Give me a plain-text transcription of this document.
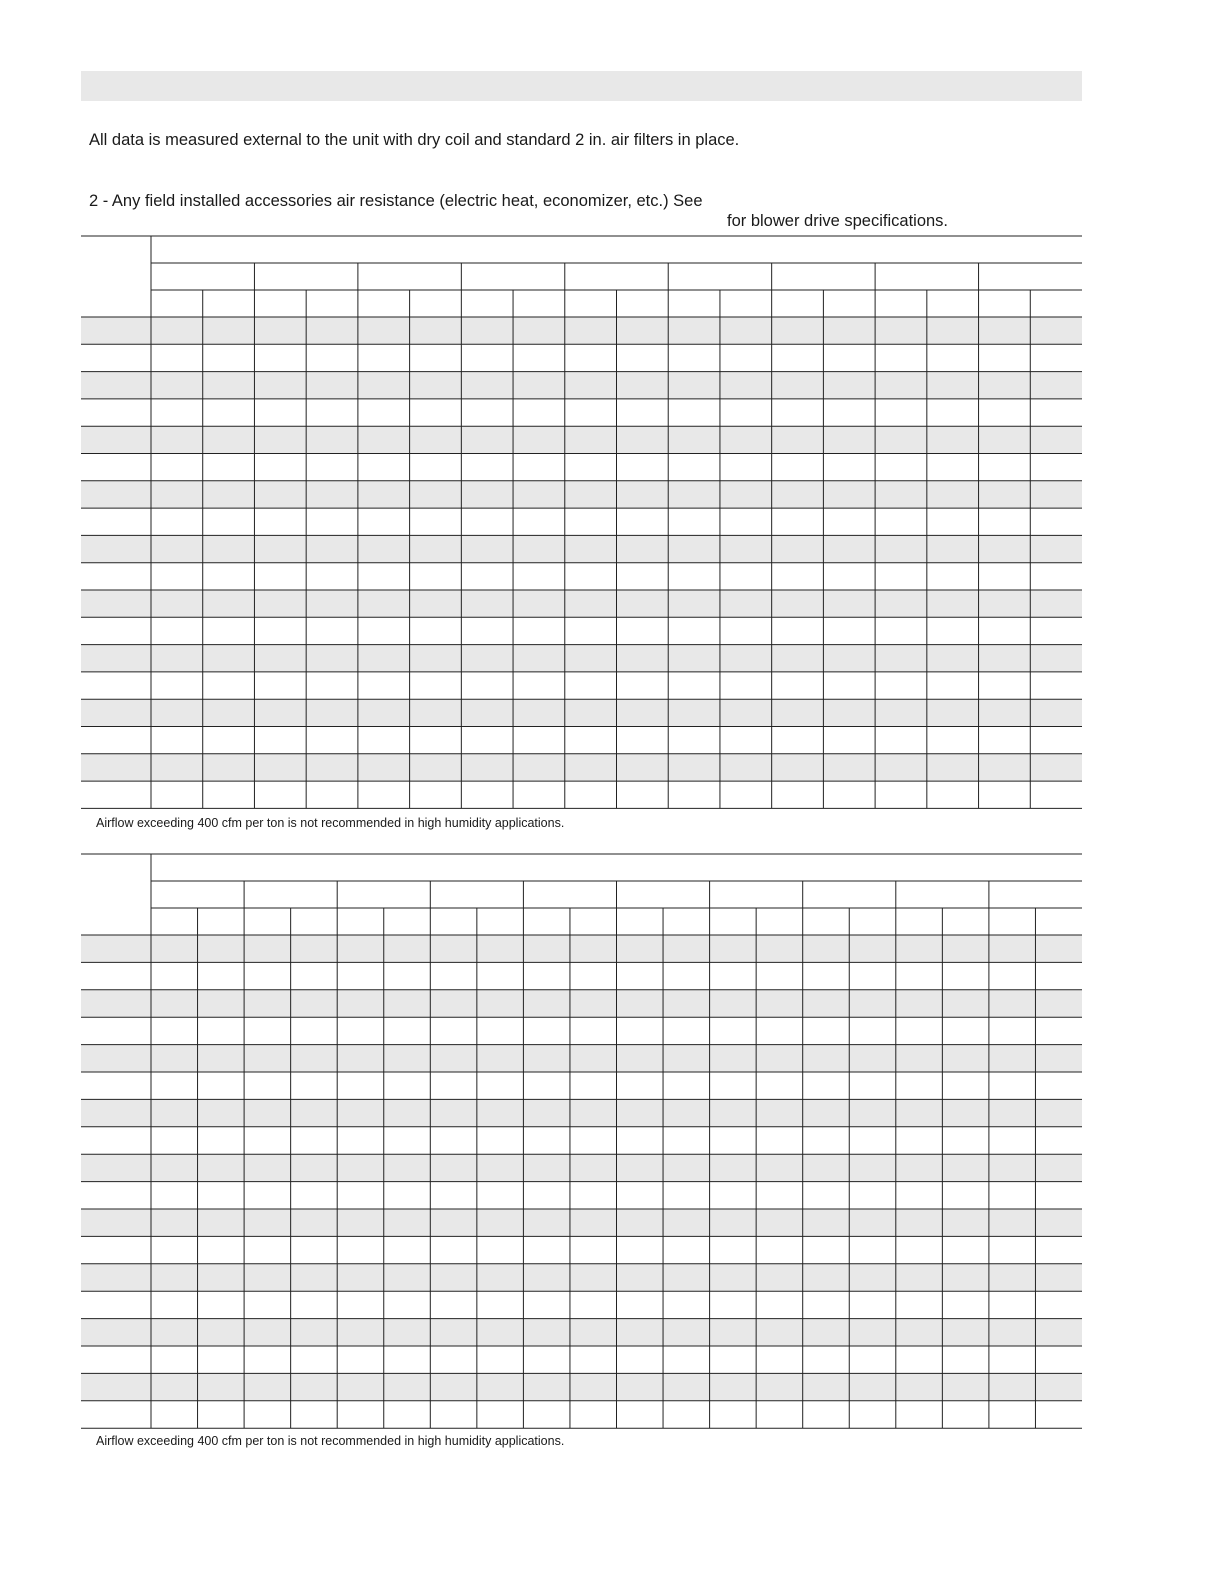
All data is measured external to the unit with dry coil and standard 2 in. air filters in place.
2 - Any field installed accessories air resistance (electric heat, economizer, etc.) See
for blower drive specifications.
Airflow exceeding 400 cfm per ton is not recommended in high humidity applications.
Airflow exceeding 400 cfm per ton is not recommended in high humidity applications.
